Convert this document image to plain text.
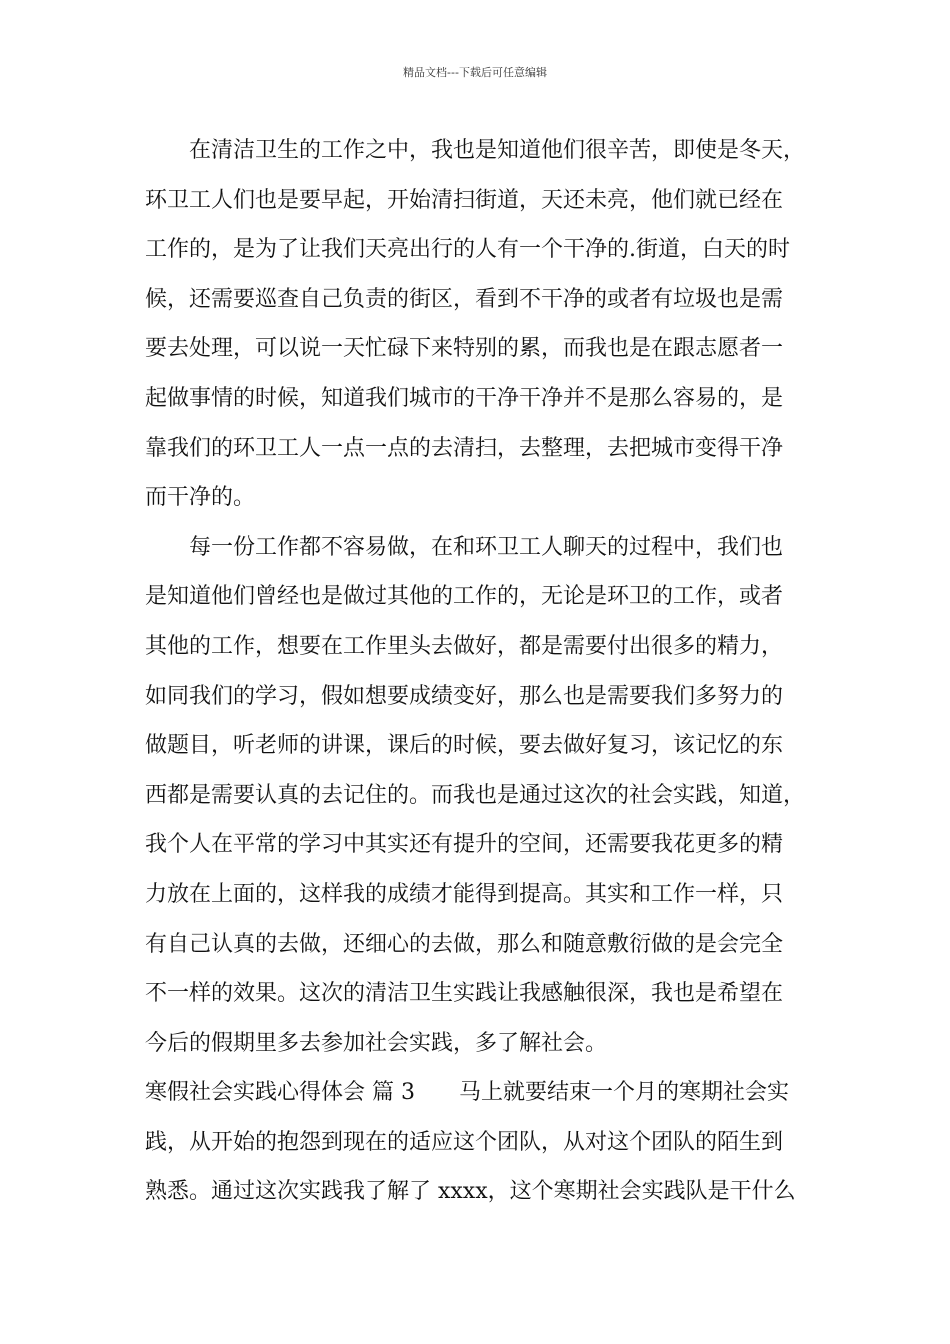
精品文档---下载后可任意编辑

在清洁卫生的工作之中，我也是知道他们很辛苦，即使是冬天，
环卫工人们也是要早起，开始清扫街道，天还未亮，他们就已经在
工作的，是为了让我们天亮出行的人有一个干净的.街道，白天的时
候，还需要巡查自己负责的街区，看到不干净的或者有垃圾也是需
要去处理，可以说一天忙碌下来特别的累，而我也是在跟志愿者一
起做事情的时候，知道我们城市的干净干净并不是那么容易的，是
靠我们的环卫工人一点一点的去清扫，去整理，去把城市变得干净
而干净的。

每一份工作都不容易做，在和环卫工人聊天的过程中，我们也
是知道他们曾经也是做过其他的工作的，无论是环卫的工作，或者
其他的工作，想要在工作里头去做好，都是需要付出很多的精力，
如同我们的学习，假如想要成绩变好，那么也是需要我们多努力的
做题目，听老师的讲课，课后的时候，要去做好复习，该记忆的东
西都是需要认真的去记住的。而我也是通过这次的社会实践，知道，
我个人在平常的学习中其实还有提升的空间，还需要我花更多的精
力放在上面的，这样我的成绩才能得到提高。其实和工作一样，只
有自己认真的去做，还细心的去做，那么和随意敷衍做的是会完全
不一样的效果。这次的清洁卫生实践让我感触很深，我也是希望在
今后的假期里多去参加社会实践，多了解社会。

寒假社会实践心得体会 篇 3　　马上就要结束一个月的寒期社会实
践，从开始的抱怨到现在的适应这个团队，从对这个团队的陌生到
熟悉。通过这次实践我了解了 xxxx，这个寒期社会实践队是干什么
